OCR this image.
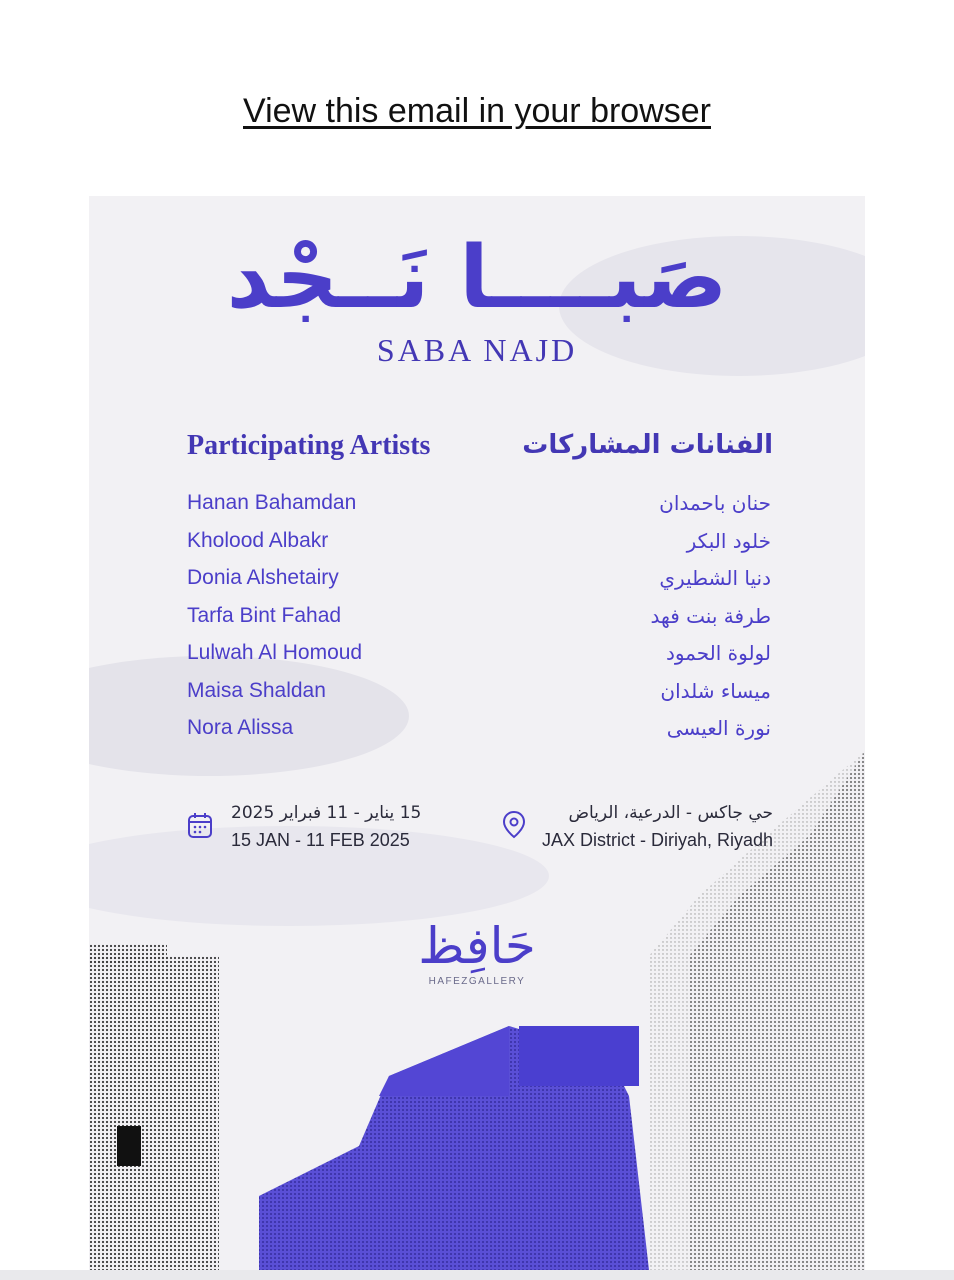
View this email in your browser
صَبــــا نَــجْد
SABA NAJD
Participating Artists	الفنانات المشاركات
Hanan Bahamdan
Kholood Albakr
Donia Alshetairy
Tarfa Bint Fahad
Lulwah Al Homoud
Maisa Shaldan
Nora Alissa
حنان باحمدان
خلود البكر
دنيا الشطيري
طرفة بنت فهد
لولوة الحمود
ميساء شلدان
نورة العيسى
15 يناير - 11 فبراير 2025
15 JAN - 11 FEB 2025
حي جاكس - الدرعية، الرياض
JAX District - Diriyah, Riyadh
حَافِظ
HAFEZGALLERY
